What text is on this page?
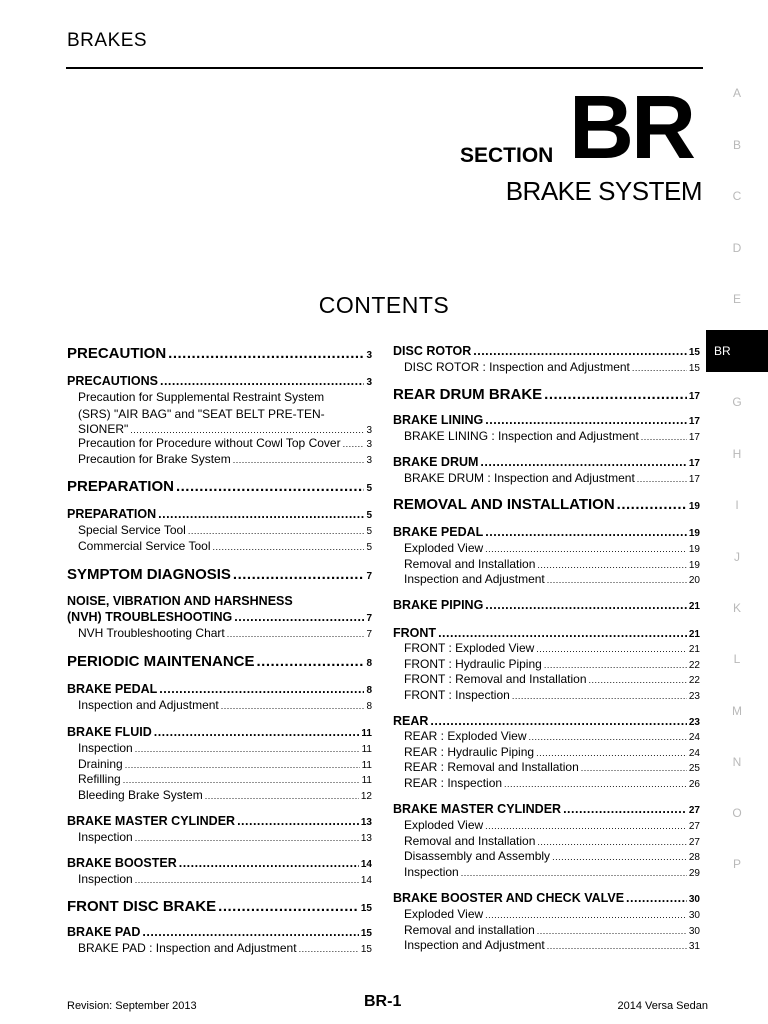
BRAKES
SECTION BR
BRAKE SYSTEM
CONTENTS
PRECAUTION .....	3
PRECAUTIONS .....	3
Precaution for Supplemental Restraint System
(SRS) "AIR BAG" and "SEAT BELT PRE-TEN-
SIONER" .....	3
Precaution for Procedure without Cowl Top Cover .....	3
Precaution for Brake System .....	3
PREPARATION .....	5
PREPARATION .....	5
Special Service Tool .....	5
Commercial Service Tool .....	5
SYMPTOM DIAGNOSIS .....	7
NOISE, VIBRATION AND HARSHNESS
(NVH) TROUBLESHOOTING .....	7
NVH Troubleshooting Chart .....	7
PERIODIC MAINTENANCE .....	8
BRAKE PEDAL .....	8
Inspection and Adjustment .....	8
BRAKE FLUID .....	11
Inspection .....	11
Draining .....	11
Refilling .....	11
Bleeding Brake System .....	12
BRAKE MASTER CYLINDER .....	13
Inspection .....	13
BRAKE BOOSTER .....	14
Inspection .....	14
FRONT DISC BRAKE .....	15
BRAKE PAD .....	15
BRAKE PAD : Inspection and Adjustment .....	15
DISC ROTOR .....	15
DISC ROTOR : Inspection and Adjustment .....	15
REAR DRUM BRAKE .....	17
BRAKE LINING .....	17
BRAKE LINING : Inspection and Adjustment .....	17
BRAKE DRUM .....	17
BRAKE DRUM : Inspection and Adjustment .....	17
REMOVAL AND INSTALLATION .....	19
BRAKE PEDAL .....	19
Exploded View .....	19
Removal and Installation .....	19
Inspection and Adjustment .....	20
BRAKE PIPING .....	21
FRONT .....	21
FRONT : Exploded View .....	21
FRONT : Hydraulic Piping .....	22
FRONT : Removal and Installation .....	22
FRONT : Inspection .....	23
REAR .....	23
REAR : Exploded View .....	24
REAR : Hydraulic Piping .....	24
REAR : Removal and Installation .....	25
REAR : Inspection .....	26
BRAKE MASTER CYLINDER .....	27
Exploded View .....	27
Removal and Installation .....	27
Disassembly and Assembly .....	28
Inspection .....	29
BRAKE BOOSTER AND CHECK VALVE .....	30
Exploded View .....	30
Removal and installation .....	30
Inspection and Adjustment .....	31
A
B
C
D
E
BR
G
H
I
J
K
L
M
N
O
P
Revision: September 2013	BR-1	2014 Versa Sedan
